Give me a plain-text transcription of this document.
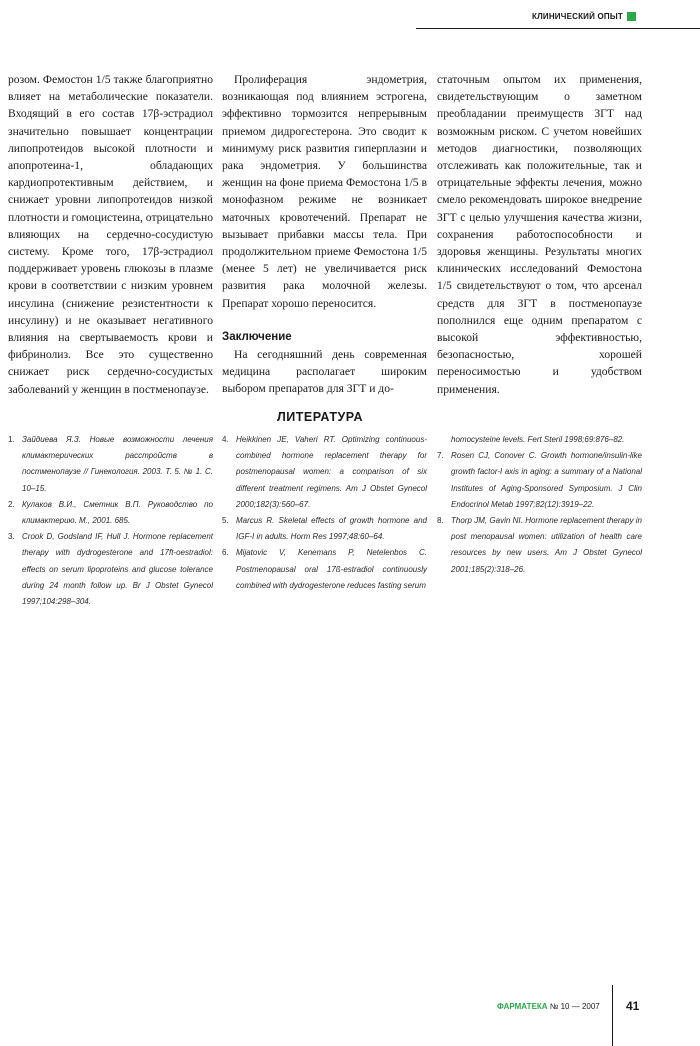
КЛИНИЧЕСКИЙ ОПЫТ

розом. Фемостон 1/5 также благоприятно влияет на метаболические показатели. Входящий в его состав 17β-эстрадиол значительно повышает концентрации липопротеидов высокой плотности и апопротеина-1, обладающих кардиопротективным действием, и снижает уровни липопротеидов низкой плотности и гомоцистеина, отрицательно влияющих на сердечно-сосудистую систему. Кроме того, 17β-эстрадиол поддерживает уровень глюкозы в плазме крови в соответствии с низким уровнем инсулина (снижение резистентности к инсулину) и не оказывает негативного влияния на свертываемость крови и фибринолиз. Все это существенно снижает риск сердечно-сосудистых заболеваний у женщин в постменопаузе.

Пролиферация эндометрия, возникающая под влиянием эстрогена, эффективно тормозится непрерывным приемом дидрогестерона. Это сводит к минимуму риск развития гиперплазии и рака эндометрия. У большинства женщин на фоне приема Фемостона 1/5 в монофазном режиме не возникает маточных кровотечений. Препарат не вызывает прибавки массы тела. При продолжительном приеме Фемостона 1/5 (менее 5 лет) не увеличивается риск развития рака молочной железы. Препарат хорошо переносится.

Заключение

На сегодняшний день современная медицина располагает широким выбором препаратов для ЗГТ и до-

статочным опытом их применения, свидетельствующим о заметном преобладании преимуществ ЗГТ над возможным риском. С учетом новейших методов диагностики, позволяющих отслеживать как положительные, так и отрицательные эффекты лечения, можно смело рекомендовать широкое внедрение ЗГТ с целью улучшения качества жизни, сохранения работоспособности и здоровья женщины. Результаты многих клинических исследований Фемостона 1/5 свидетельствуют о том, что арсенал средств для ЗГТ в постменопаузе пополнился еще одним препаратом с высокой эффективностью, безопасностью, хорошей переносимостью и удобством применения.

ЛИТЕРАТУРА
1. Зайдиева Я.З. Новые возможности лечения климактерических расстройств в постменопаузе // Гинекология. 2003. Т. 5. № 1. С. 10–15.
2. Кулаков В.И., Сметник В.П. Руководство по климактерию. М., 2001. 685.
3. Crook D, Godsland IF, Hull J. Hormone replacement therapy with dydrogesterone and 17ft-oestradiol: effects on serum lipoproteins and glucose tolerance during 24 month follow up. Br J Obstet Gynecol 1997;104:298–304.
4. Heikkinen JE, Vaheri RT. Optimizing continuous-combined hormone replacement therapy for postmenopausal women: a comparison of six different treatment regimens. Am J Obstet Gynecol 2000;182(3):560–67.
5. Marcus R. Skeletal effects of growth hormone and IGF-I in adults. Horm Res 1997;48:60–64.
6. Mijatovic V, Kenemans P, Netelenbos C. Postmenopausal oral 17ß-estradiol continuously combined with dydrogesterone reduces fasting serum
homocysteine levels. Fert Steril 1998;69:876–82.
7. Rosen CJ, Conover C. Growth hormone/insulin-like growth factor-I axis in aging: a summary of a National Institutes of Aging-Sponsored Symposium. J Clin Endocrinol Metab 1997;82(12):3919–22.
8. Thorp JM, Gavin NI. Hormone replacement therapy in post menopausal women: utilization of health care resources by new users. Am J Obstet Gynecol 2001;185(2):318–26.
ФАРМАТЕКА № 10 — 2007 41
